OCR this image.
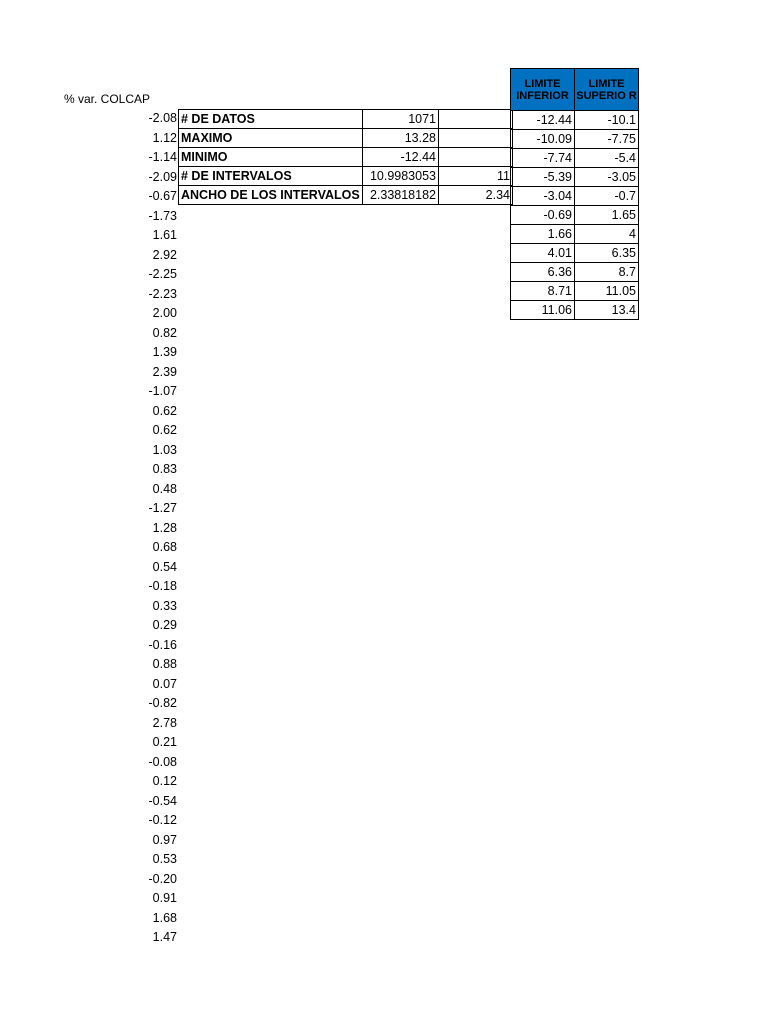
% var. COLCAP
-2.08
1.12
-1.14
-2.09
-0.67
-1.73
1.61
2.92
-2.25
-2.23
2.00
0.82
1.39
2.39
-1.07
0.62
0.62
1.03
0.83
0.48
-1.27
1.28
0.68
0.54
-0.18
0.33
0.29
-0.16
0.88
0.07
-0.82
2.78
0.21
-0.08
0.12
-0.54
-0.12
0.97
0.53
-0.20
0.91
1.68
1.47
# DE DATOS	1071	
MAXIMO	13.28	
MINIMO	-12.44	
# DE INTERVALOS	10.9983053	11
ANCHO DE LOS INTERVALOS	2.33818182	2.34
LIMITE INFERIOR	LIMITE SUPERIO R
-12.44	-10.1
-10.09	-7.75
-7.74	-5.4
-5.39	-3.05
-3.04	-0.7
-0.69	1.65
1.66	4
4.01	6.35
6.36	8.7
8.71	11.05
11.06	13.4
